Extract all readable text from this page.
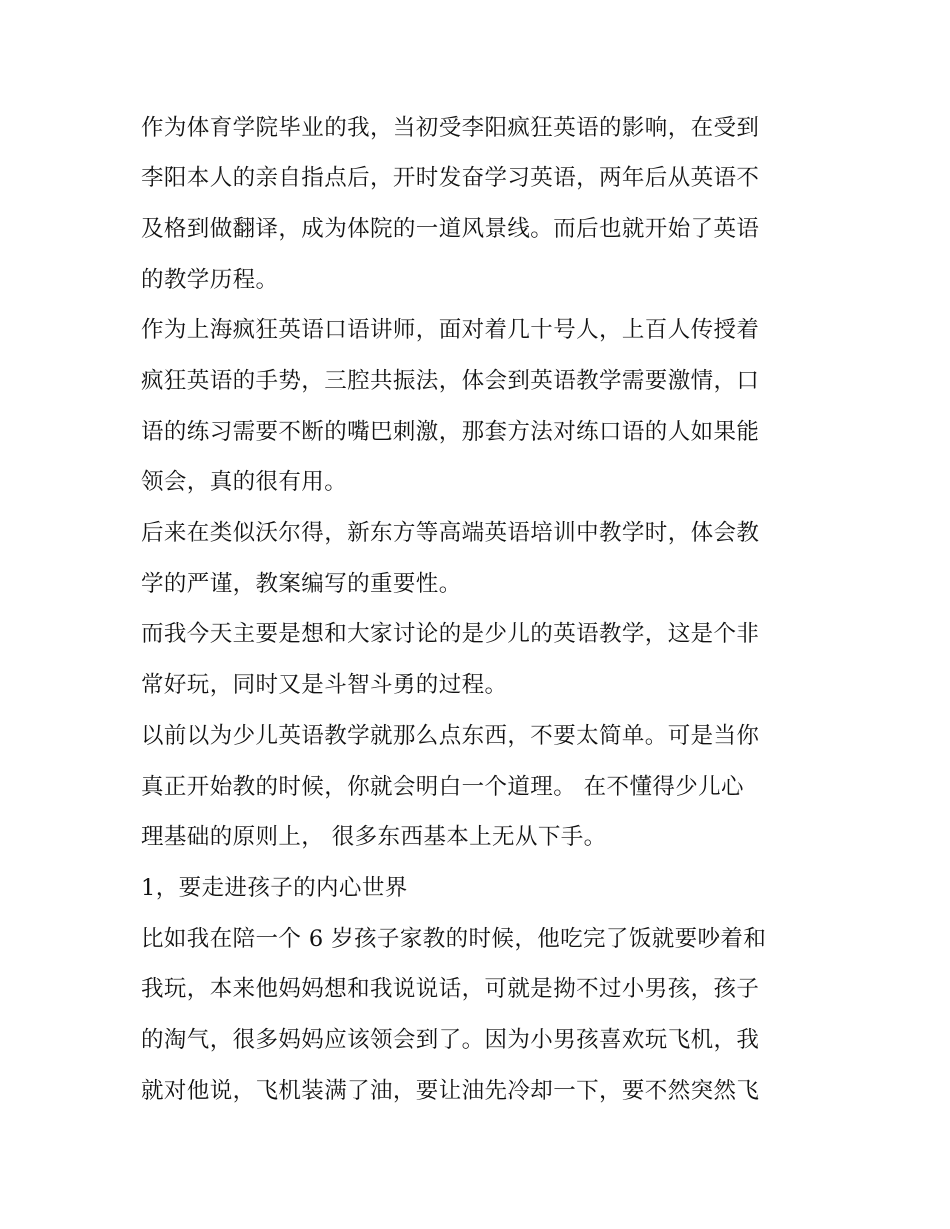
作为体育学院毕业的我，当初受李阳疯狂英语的影响，在受到
李阳本人的亲自指点后，开时发奋学习英语，两年后从英语不
及格到做翻译，成为体院的一道风景线。而后也就开始了英语
的教学历程。
作为上海疯狂英语口语讲师，面对着几十号人，上百人传授着
疯狂英语的手势，三腔共振法，体会到英语教学需要激情，口
语的练习需要不断的嘴巴刺激，那套方法对练口语的人如果能
领会，真的很有用。
后来在类似沃尔得，新东方等高端英语培训中教学时，体会教
学的严谨，教案编写的重要性。
而我今天主要是想和大家讨论的是少儿的英语教学，这是个非
常好玩，同时又是斗智斗勇的过程。
以前以为少儿英语教学就那么点东西，不要太简单。可是当你
真正开始教的时候，你就会明白一个道理。 在不懂得少儿心
理基础的原则上， 很多东西基本上无从下手。
1，要走进孩子的内心世界
比如我在陪一个 6 岁孩子家教的时候，他吃完了饭就要吵着和
我玩，本来他妈妈想和我说说话，可就是拗不过小男孩，孩子
的淘气，很多妈妈应该领会到了。因为小男孩喜欢玩飞机，我
就对他说，飞机装满了油，要让油先冷却一下，要不然突然飞
